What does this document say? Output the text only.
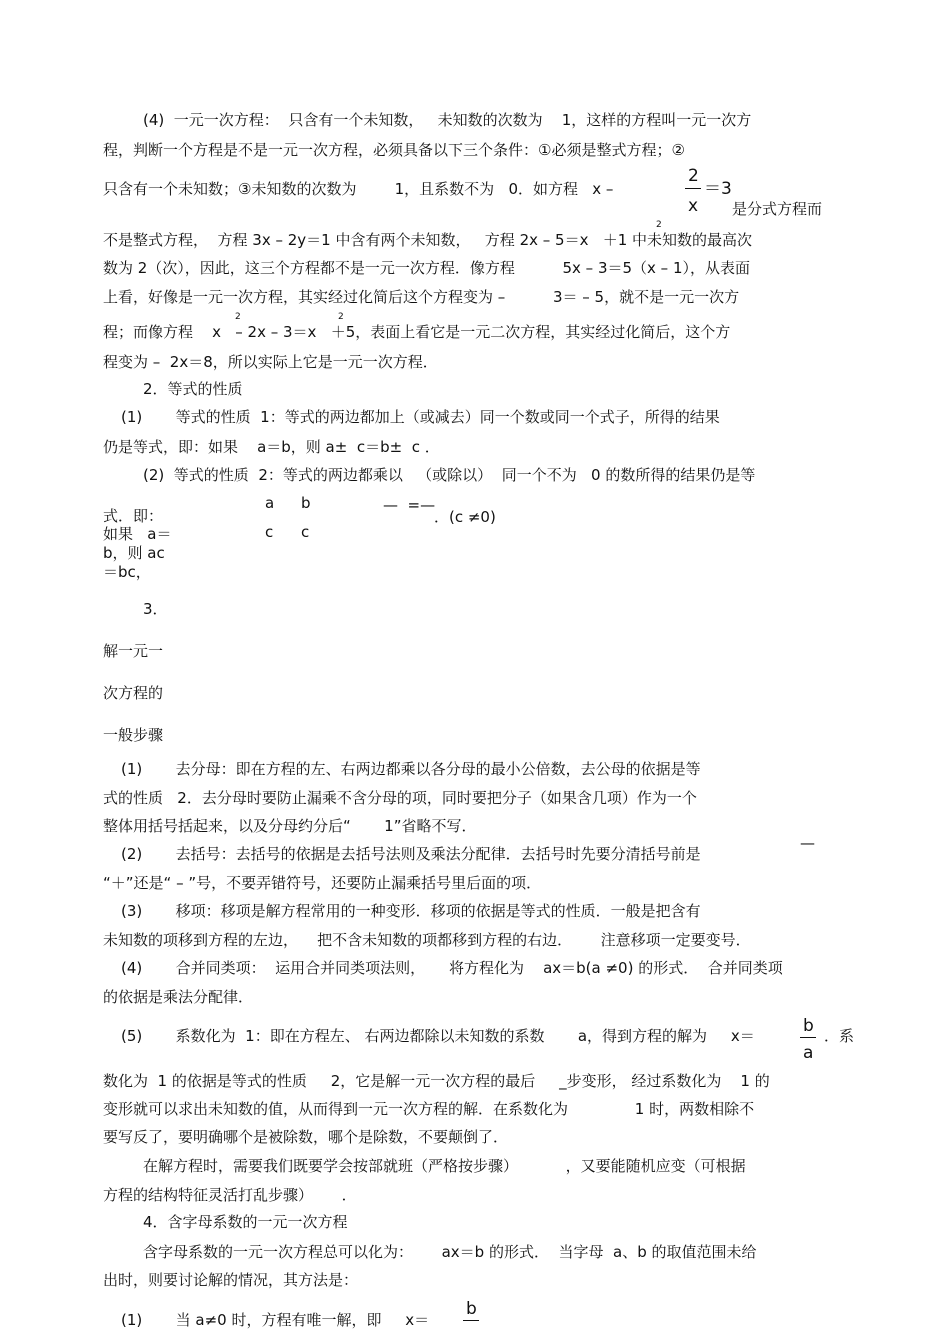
(4)  一元一次方程：  只含有一个未知数，   未知数的次数为    1，这样的方程叫一元一次方
程，判断一个方程是不是一元一次方程，必须具备以下三个条件：①必须是整式方程；②
只含有一个未知数；③未知数的次数为        1，且系数不为   0．如方程   x –
2
x
＝3
是分式方程而
不是整式方程，  方程 3x – 2y＝1 中含有两个未知数，   方程 2x – 5＝x   ＋1 中未知数的最高次
2
数为 2（次），因此，这三个方程都不是一元一次方程．像方程          5x – 3＝5（x – 1），从表面
上看，好像是一元一次方程，其实经过化简后这个方程变为 –          3＝ – 5，就不是一元一次方
程；而像方程    x   – 2x – 3＝x   ＋5，表面上看它是一元二次方程，其实经过化简后，这个方
2	2
程变为 –  2x＝8，所以实际上它是一元一次方程．
2．等式的性质
(1)       等式的性质  1：等式的两边都加上（或减去）同一个数或同一个式子，所得的结果
仍是等式，即：如果    a＝b，则 a±  c＝b±  c ．
(2)  等式的性质  2：等式的两边都乘以   （或除以）  同一个不为   0 的数所得的结果仍是等
式．即：
如果   a＝
b，则 ac
＝bc，
a b
c c
—  =—
．(c ≠0)
3．
解一元一
次方程的
一般步骤
(1)       去分母：即在方程的左、右两边都乘以各分母的最小公倍数，去公母的依据是等
式的性质   2．去分母时要防止漏乘不含分母的项，同时要把分子（如果含几项）作为一个
整体用括号括起来，以及分母约分后“       1”省略不写．
(2)       去括号：去括号的依据是去括号法则及乘法分配律．去括号时先要分清括号前是
—
“＋”还是“ – ”号，不要弄错符号，还要防止漏乘括号里后面的项．
(3)       移项：移项是解方程常用的一种变形．移项的依据是等式的性质．一般是把含有
未知数的项移到方程的左边，    把不含未知数的项都移到方程的右边．      注意移项一定要变号．
(4)       合并同类项：  运用合并同类项法则，     将方程化为    ax＝b(a ≠0) 的形式．  合并同类项
的依据是乘法分配律．
(5)       系数化为  1：即在方程左、 右两边都除以未知数的系数       a，得到方程的解为     x＝	b
a
．系
数化为  1 的依据是等式的性质     2，它是解一元一次方程的最后     _步变形， 经过系数化为    1 的
变形就可以求出未知数的值，从而得到一元一次方程的解．在系数化为              1 时，两数相除不
要写反了，要明确哪个是被除数，哪个是除数，不要颠倒了．
在解方程时，需要我们既要学会按部就班（严格按步骤）          ，又要能随机应变（可根据
方程的结构特征灵活打乱步骤）      ．
4．含字母系数的一元一次方程
含字母系数的一元一次方程总可以化为：      ax＝b 的形式．  当字母  a、b 的取值范围未给
出时，则要讨论解的情况，其方法是：
(1)       当 a≠0 时，方程有唯一解，即     x＝
b
